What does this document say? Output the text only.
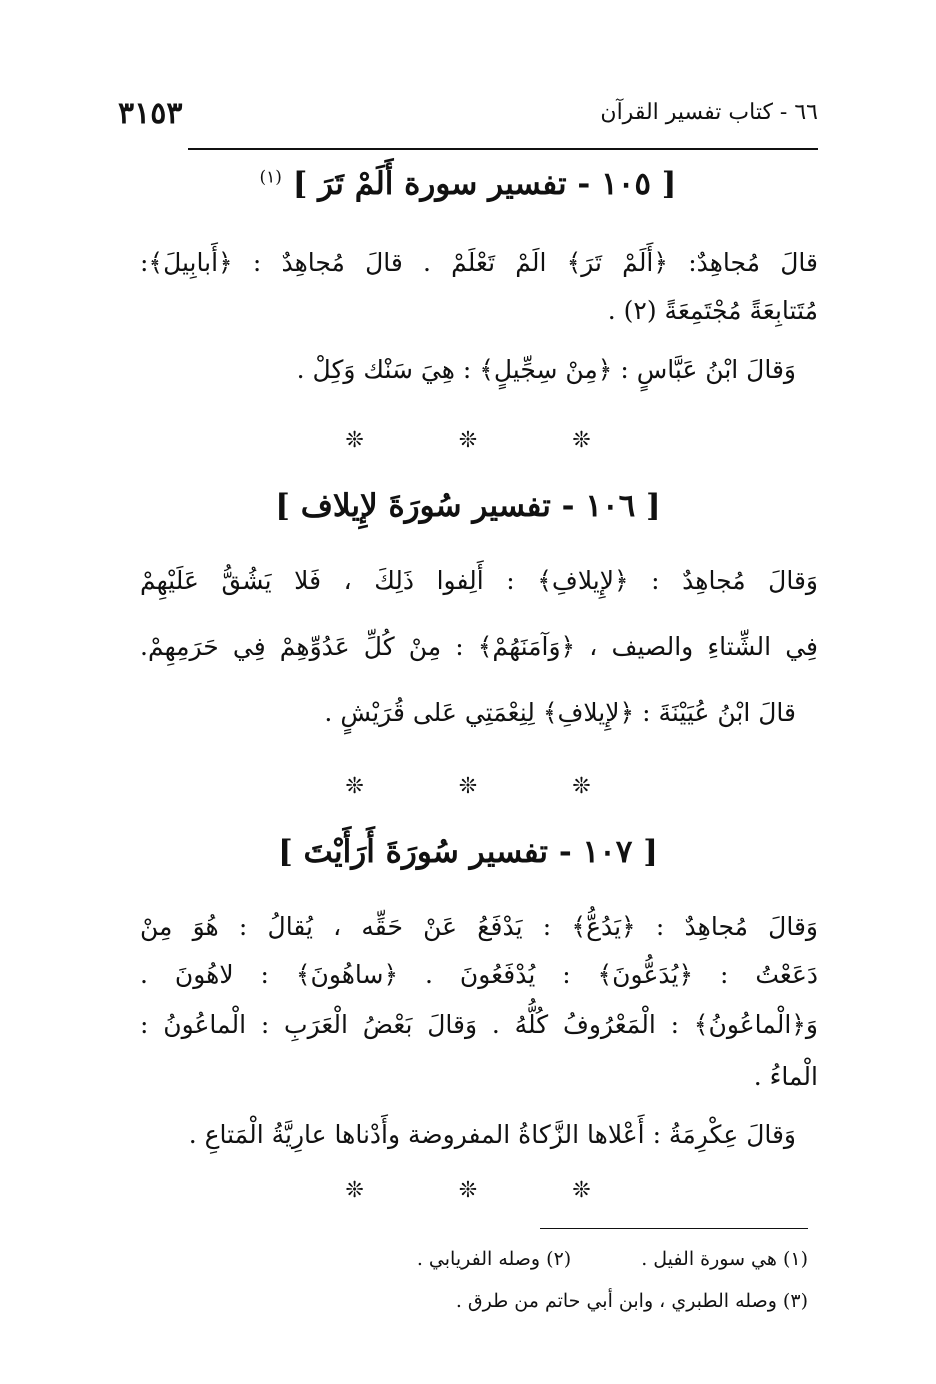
٣١٥٣	٦٦ - كتاب تفسير القرآن
[ ١٠٥ - تفسير سورة أَلَمْ تَرَ ] $^{(١)}$
قالَ مُجاهِدٌ: ﴿أَلَمْ تَرَ﴾ الَمْ تَعْلَمْ . قالَ مُجاهِدٌ : ﴿أَبابِيلَ﴾:
مُتَتابِعَةً مُجْتَمِعَةً (٢) .
وَقالَ ابْنُ عَبَّاسٍ : ﴿مِنْ سِجِّيلٍ﴾ : هِيَ سَنْك وَكِلْ .
❊ ❊ ❊
[ ١٠٦ - تفسير سُورَةَ لإِيلاف ]
وَقالَ مُجاهِدٌ : ﴿لإِيلافِ﴾ : أَلِفوا ذَلِكَ ، فَلا يَشُقُّ عَلَيْهِمْ
فِي الشِّتاءِ والصيف ، ﴿وَآمَنَهُمْ﴾ : مِنْ كُلِّ عَدُوِّهِمْ فِي حَرَمِهِمْ.
قالَ ابْنُ عُيَيْنَةَ : ﴿لإِيلافِ﴾ لِنِعْمَتِي عَلى قُرَيْشٍ .
❊ ❊ ❊
[ ١٠٧ - تفسير سُورَةَ أَرَأَيْتَ ]
وَقالَ مُجاهِدٌ : ﴿يَدُعُّ﴾ : يَدْفَعُ عَنْ حَقِّه ، يُقالُ : هُوَ مِنْ
دَعَعْتُ : ﴿يُدَعُّونَ﴾ : يُدْفَعُونَ . ﴿ساهُونَ﴾ : لاهُونَ .
وَ﴿الْماعُونُ﴾ : الْمَعْرُوفُ كُلُّهُ . وَقالَ بَعْضُ الْعَرَبِ : الْماعُونُ :
الْماءُ .
وَقالَ عِكْرِمَةُ : أَعْلاها الزَّكاةُ المفروضة وأَدْناها عارِيَّةُ الْمَتاعِ .
❊ ❊ ❊
(١) هي سورة الفيل .(٢) وصله الفريابي .
(٣) وصله الطبري ، وابن أبي حاتم من طرق .
